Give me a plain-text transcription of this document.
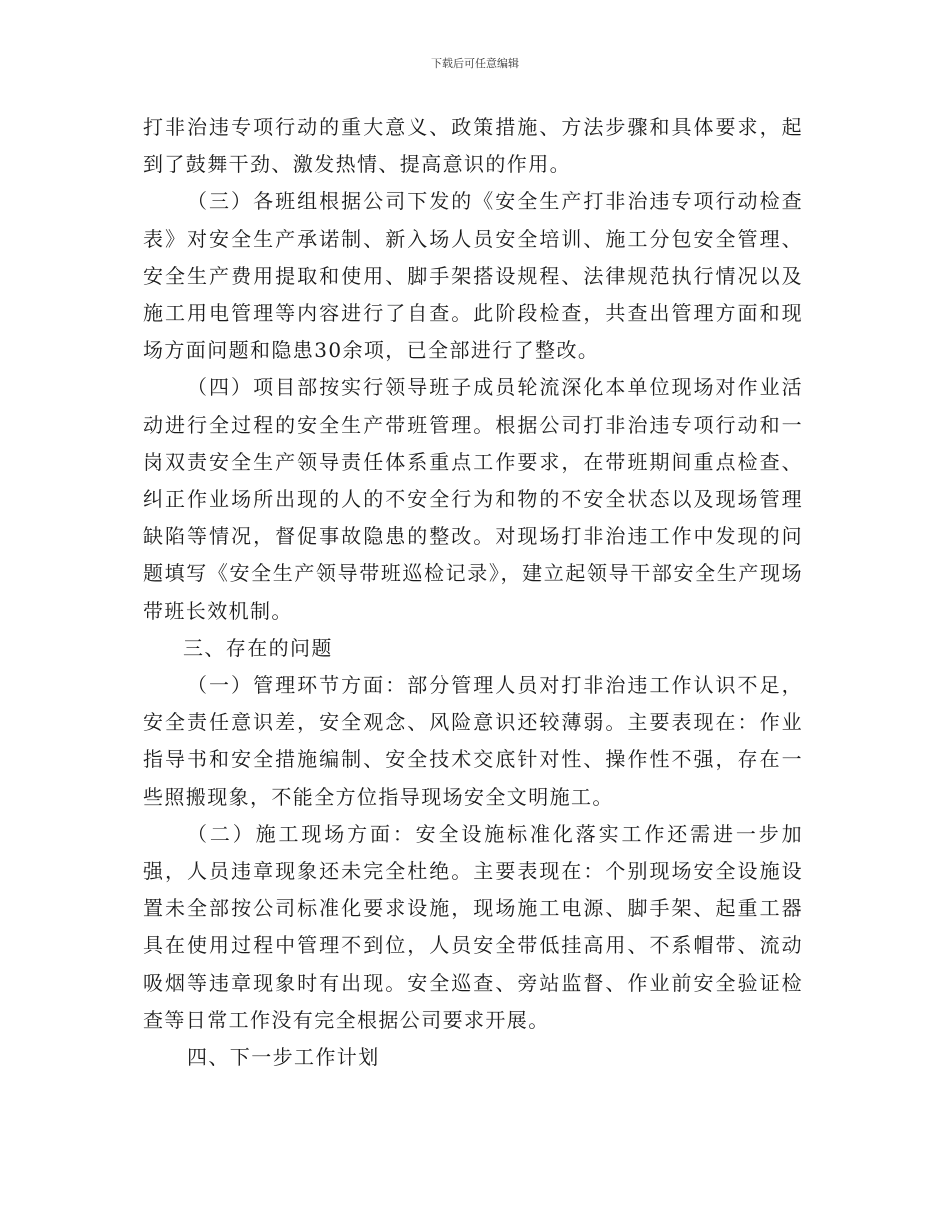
下载后可任意编辑

打非治违专项行动的重大意义、政策措施、方法步骤和具体要求，起到了鼓舞干劲、激发热情、提高意识的作用。

（三）各班组根据公司下发的《安全生产打非治违专项行动检查表》对安全生产承诺制、新入场人员安全培训、施工分包安全管理、安全生产费用提取和使用、脚手架搭设规程、法律规范执行情况以及施工用电管理等内容进行了自查。此阶段检查，共查出管理方面和现场方面问题和隐患30余项，已全部进行了整改。

（四）项目部按实行领导班子成员轮流深化本单位现场对作业活动进行全过程的安全生产带班管理。根据公司打非治违专项行动和一岗双责安全生产领导责任体系重点工作要求，在带班期间重点检查、纠正作业场所出现的人的不安全行为和物的不安全状态以及现场管理缺陷等情况，督促事故隐患的整改。对现场打非治违工作中发现的问题填写《安全生产领导带班巡检记录》，建立起领导干部安全生产现场带班长效机制。

三、存在的问题

（一）管理环节方面：部分管理人员对打非治违工作认识不足，安全责任意识差，安全观念、风险意识还较薄弱。主要表现在：作业指导书和安全措施编制、安全技术交底针对性、操作性不强，存在一些照搬现象，不能全方位指导现场安全文明施工。

（二）施工现场方面：安全设施标准化落实工作还需进一步加强，人员违章现象还未完全杜绝。主要表现在：个别现场安全设施设置未全部按公司标准化要求设施，现场施工电源、脚手架、起重工器具在使用过程中管理不到位，人员安全带低挂高用、不系帽带、流动吸烟等违章现象时有出现。安全巡查、旁站监督、作业前安全验证检查等日常工作没有完全根据公司要求开展。

四、下一步工作计划
